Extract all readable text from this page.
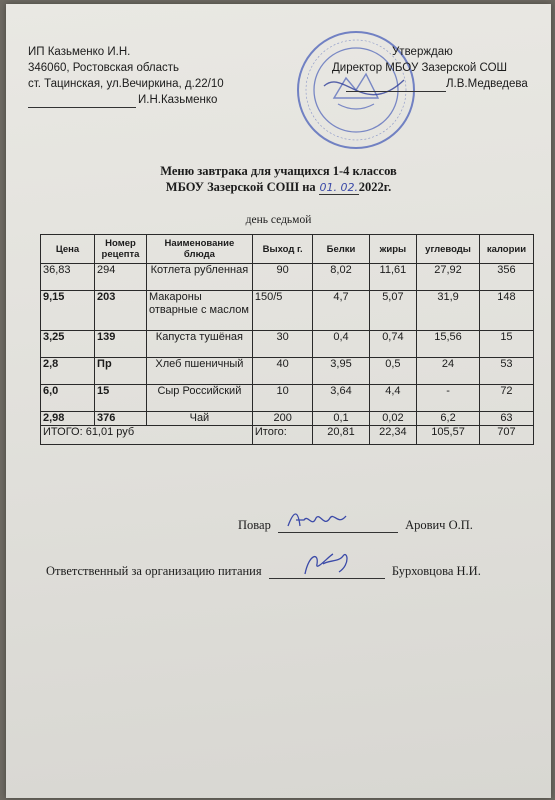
ИП Казьменко И.Н.
346060, Ростовская область
ст. Тацинская, ул.Вечиркина, д.22/10
И.Н.Казьменко
Утверждаю
Директор МБОУ Зазерской СОШ
Л.В.Медведева
Меню завтрака для учащихся 1-4 классов
МБОУ Зазерской СОШ на 01. 02.2022г.
день седьмой
Цена	Номер рецепта	Наименование блюда	Выход г.	Белки	жиры	углеводы	калории
36,83	294	Котлета рубленная	90	8,02	11,61	27,92	356
9,15	203	Макароны отварные с маслом	150/5	4,7	5,07	31,9	148
3,25	139	Капуста тушёная	30	0,4	0,74	15,56	15
2,8	Пр	Хлеб пшеничный	40	3,95	0,5	24	53
6,0	15	Сыр Российский	10	3,64	4,4	-	72
2,98	376	Чай	200	0,1	0,02	6,2	63
ИТОГО: 61,01 руб			Итого:	20,81	22,34	105,57	707
Повар	Арович О.П.
Ответственный за организацию питания	Бурховцова Н.И.
